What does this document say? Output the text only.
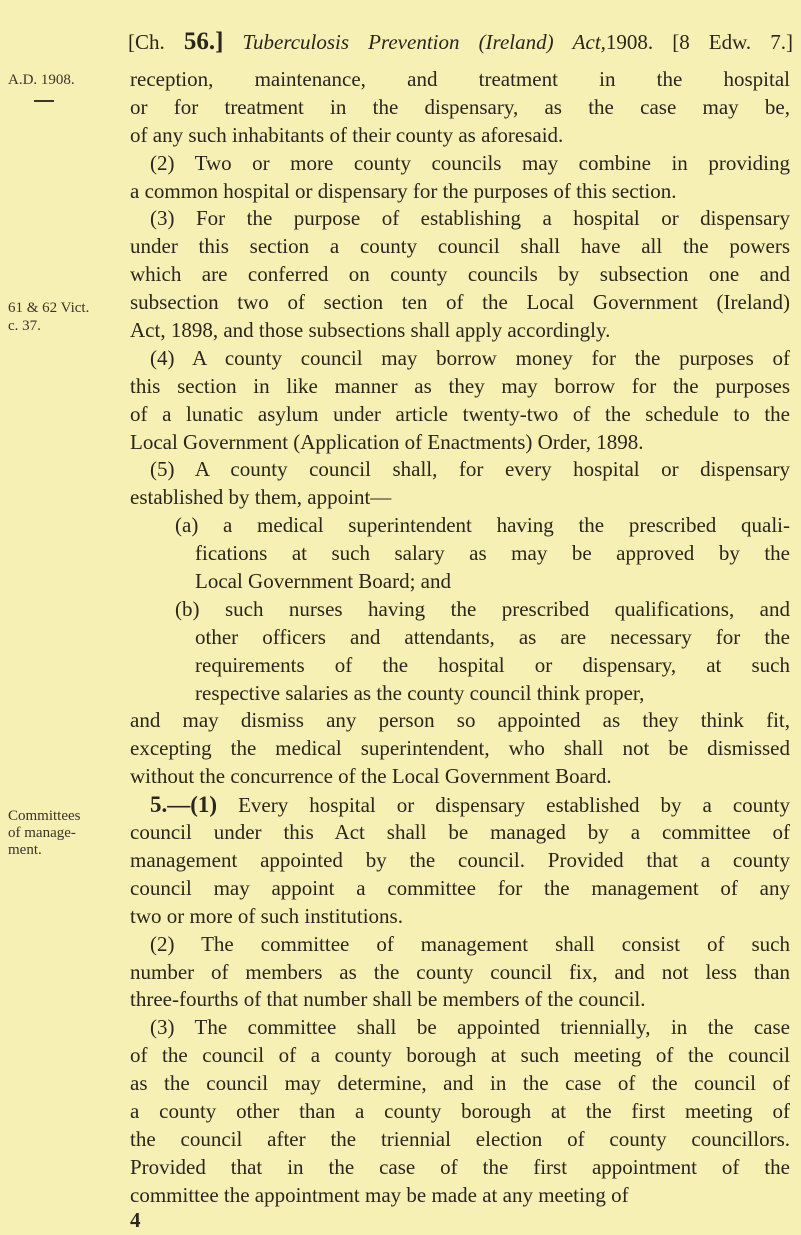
[Ch. 56.] Tuberculosis Prevention (Ireland) Act,1908. [8 Edw. 7.]
A.D. 1908.
61 & 62 Vict.
c. 37.
Committees
of manage-
ment.
reception, maintenance, and treatment in the hospital
or for treatment in the dispensary, as the case may be,
of any such inhabitants of their county as aforesaid.
(2) Two or more county councils may combine in providing
a common hospital or dispensary for the purposes of this section.
(3) For the purpose of establishing a hospital or dispensary
under this section a county council shall have all the powers
which are conferred on county councils by subsection one and
subsection two of section ten of the Local Government (Ireland)
Act, 1898, and those subsections shall apply accordingly.
(4) A county council may borrow money for the purposes of
this section in like manner as they may borrow for the purposes
of a lunatic asylum under article twenty-two of the schedule to the
Local Government (Application of Enactments) Order, 1898.
(5) A county council shall, for every hospital or dispensary
established by them, appoint—
(a) a medical superintendent having the prescribed quali-
fications at such salary as may be approved by the
Local Government Board; and
(b) such nurses having the prescribed qualifications, and
other officers and attendants, as are necessary for the
requirements of the hospital or dispensary, at such
respective salaries as the county council think proper,
and may dismiss any person so appointed as they think fit,
excepting the medical superintendent, who shall not be dismissed
without the concurrence of the Local Government Board.
5.—(1) Every hospital or dispensary established by a county
council under this Act shall be managed by a committee of
management appointed by the council. Provided that a county
council may appoint a committee for the management of any
two or more of such institutions.
(2) The committee of management shall consist of such
number of members as the county council fix, and not less than
three-fourths of that number shall be members of the council.
(3) The committee shall be appointed triennially, in the case
of the council of a county borough at such meeting of the council
as the council may determine, and in the case of the council of
a county other than a county borough at the first meeting of
the council after the triennial election of county councillors.
Provided that in the case of the first appointment of the
committee the appointment may be made at any meeting of
4
